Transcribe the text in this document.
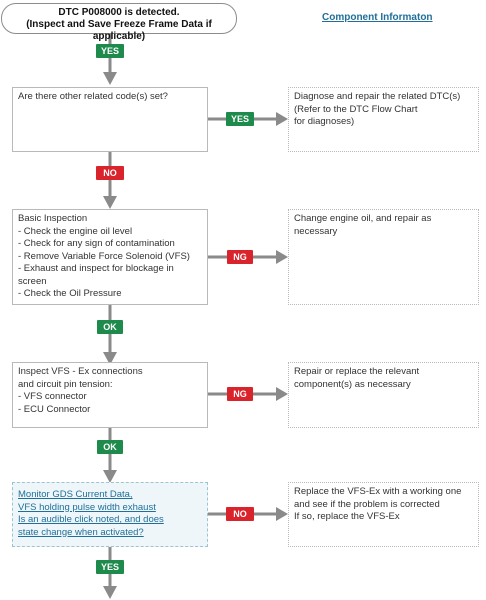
DTC P008000 is detected.
(Inspect and Save Freeze Frame Data if applicable)
Component Informaton
Are there other related code(s) set?
Basic Inspection
- Check the engine oil level
- Check for any sign of contamination
- Remove Variable Force Solenoid (VFS)
- Exhaust and inspect for blockage in
screen
- Check the Oil Pressure
Inspect VFS - Ex connections
and circuit pin tension:
- VFS connector
- ECU Connector
Monitor GDS Current Data,
VFS holding pulse width exhaust
Is an audible click noted, and does
state change when activated?
Diagnose and repair the related DTC(s)
(Refer to the DTC Flow Chart
for diagnoses)
Change engine oil, and repair as
necessary
Repair or replace the relevant
component(s) as necessary
Replace the VFS-Ex with a working one
and see if the problem is corrected
If so, replace the VFS-Ex
YES
YES
NO
NG
OK
NG
OK
NO
YES
